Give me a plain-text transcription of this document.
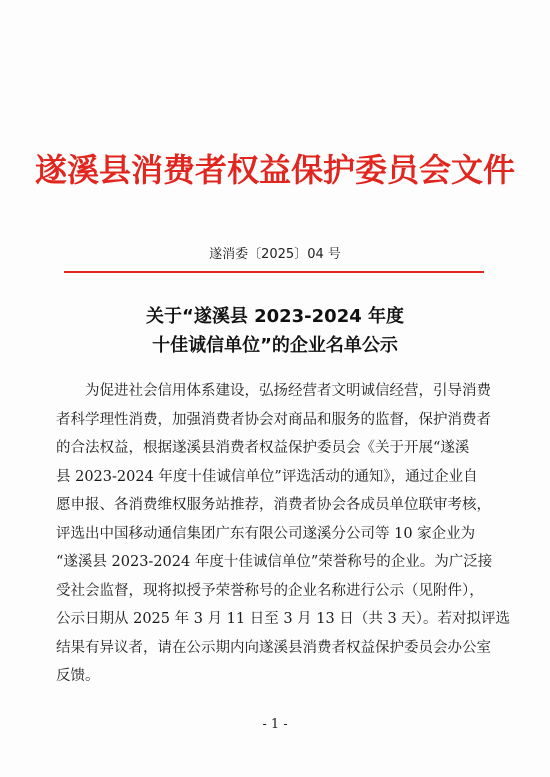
遂溪县消费者权益保护委员会文件
遂消委〔2025〕04 号
关于“遂溪县 2023-2024 年度
十佳诚信单位”的企业名单公示
　　为促进社会信用体系建设，弘扬经营者文明诚信经营，引导消费
者科学理性消费，加强消费者协会对商品和服务的监督，保护消费者
的合法权益，根据遂溪县消费者权益保护委员会《关于开展“遂溪
县 2023-2024 年度十佳诚信单位”评选活动的通知》，通过企业自
愿申报、各消费维权服务站推荐，消费者协会各成员单位联审考核，
评选出中国移动通信集团广东有限公司遂溪分公司等 10 家企业为
“遂溪县 2023-2024 年度十佳诚信单位”荣誉称号的企业。为广泛接
受社会监督，现将拟授予荣誉称号的企业名称进行公示（见附件），
公示日期从 2025 年 3 月 11 日至 3 月 13 日（共 3 天）。若对拟评选
结果有异议者，请在公示期内向遂溪县消费者权益保护委员会办公室
反馈。
- 1 -
